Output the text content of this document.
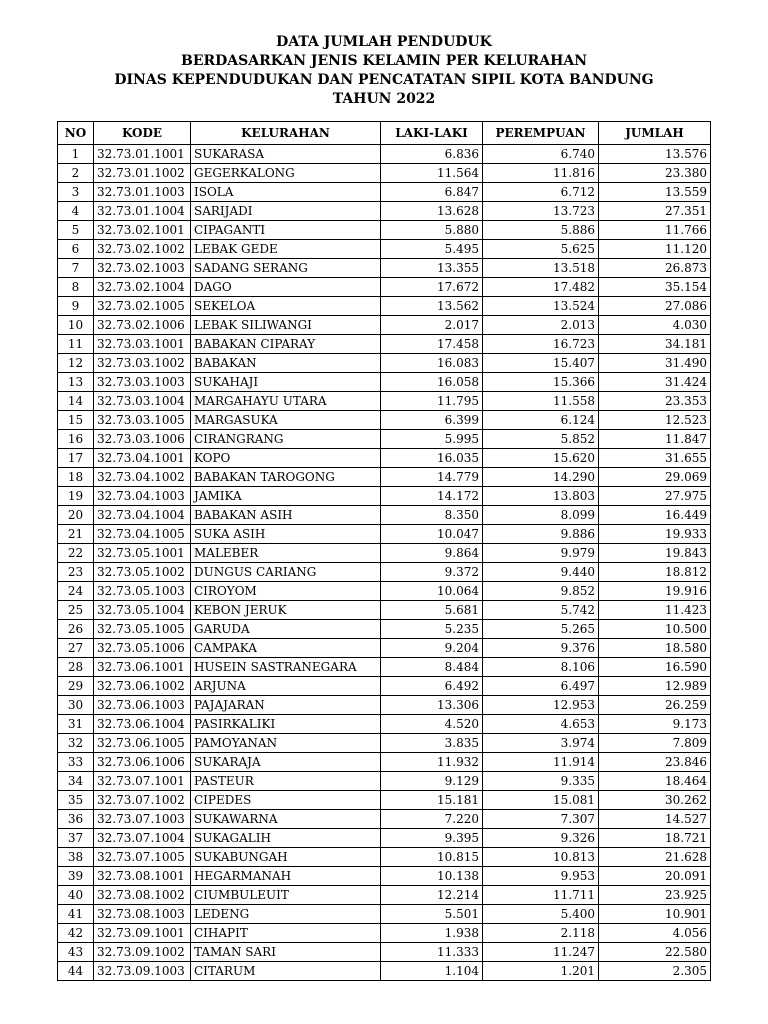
DATA JUMLAH PENDUDUK
BERDASARKAN JENIS KELAMIN PER KELURAHAN
DINAS KEPENDUDUKAN DAN PENCATATAN SIPIL KOTA BANDUNG
TAHUN 2022
NO	KODE	KELURAHAN	LAKI-LAKI	PEREMPUAN	JUMLAH
1	32.73.01.1001	SUKARASA	6.836	6.740	13.576
2	32.73.01.1002	GEGERKALONG	11.564	11.816	23.380
3	32.73.01.1003	ISOLA	6.847	6.712	13.559
4	32.73.01.1004	SARIJADI	13.628	13.723	27.351
5	32.73.02.1001	CIPAGANTI	5.880	5.886	11.766
6	32.73.02.1002	LEBAK GEDE	5.495	5.625	11.120
7	32.73.02.1003	SADANG SERANG	13.355	13.518	26.873
8	32.73.02.1004	DAGO	17.672	17.482	35.154
9	32.73.02.1005	SEKELOA	13.562	13.524	27.086
10	32.73.02.1006	LEBAK SILIWANGI	2.017	2.013	4.030
11	32.73.03.1001	BABAKAN CIPARAY	17.458	16.723	34.181
12	32.73.03.1002	BABAKAN	16.083	15.407	31.490
13	32.73.03.1003	SUKAHAJI	16.058	15.366	31.424
14	32.73.03.1004	MARGAHAYU UTARA	11.795	11.558	23.353
15	32.73.03.1005	MARGASUKA	6.399	6.124	12.523
16	32.73.03.1006	CIRANGRANG	5.995	5.852	11.847
17	32.73.04.1001	KOPO	16.035	15.620	31.655
18	32.73.04.1002	BABAKAN TAROGONG	14.779	14.290	29.069
19	32.73.04.1003	JAMIKA	14.172	13.803	27.975
20	32.73.04.1004	BABAKAN ASIH	8.350	8.099	16.449
21	32.73.04.1005	SUKA ASIH	10.047	9.886	19.933
22	32.73.05.1001	MALEBER	9.864	9.979	19.843
23	32.73.05.1002	DUNGUS CARIANG	9.372	9.440	18.812
24	32.73.05.1003	CIROYOM	10.064	9.852	19.916
25	32.73.05.1004	KEBON JERUK	5.681	5.742	11.423
26	32.73.05.1005	GARUDA	5.235	5.265	10.500
27	32.73.05.1006	CAMPAKA	9.204	9.376	18.580
28	32.73.06.1001	HUSEIN SASTRANEGARA	8.484	8.106	16.590
29	32.73.06.1002	ARJUNA	6.492	6.497	12.989
30	32.73.06.1003	PAJAJARAN	13.306	12.953	26.259
31	32.73.06.1004	PASIRKALIKI	4.520	4.653	9.173
32	32.73.06.1005	PAMOYANAN	3.835	3.974	7.809
33	32.73.06.1006	SUKARAJA	11.932	11.914	23.846
34	32.73.07.1001	PASTEUR	9.129	9.335	18.464
35	32.73.07.1002	CIPEDES	15.181	15.081	30.262
36	32.73.07.1003	SUKAWARNA	7.220	7.307	14.527
37	32.73.07.1004	SUKAGALIH	9.395	9.326	18.721
38	32.73.07.1005	SUKABUNGAH	10.815	10.813	21.628
39	32.73.08.1001	HEGARMANAH	10.138	9.953	20.091
40	32.73.08.1002	CIUMBULEUIT	12.214	11.711	23.925
41	32.73.08.1003	LEDENG	5.501	5.400	10.901
42	32.73.09.1001	CIHAPIT	1.938	2.118	4.056
43	32.73.09.1002	TAMAN SARI	11.333	11.247	22.580
44	32.73.09.1003	CITARUM	1.104	1.201	2.305
